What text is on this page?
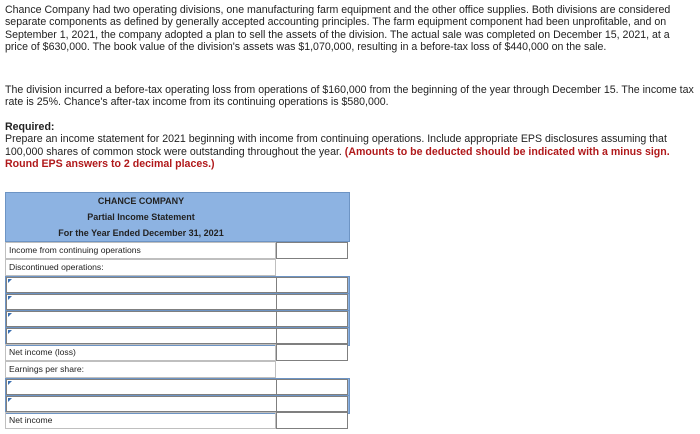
Chance Company had two operating divisions, one manufacturing farm equipment and the other office supplies. Both divisions are considered separate components as defined by generally accepted accounting principles. The farm equipment component had been unprofitable, and on September 1, 2021, the company adopted a plan to sell the assets of the division. The actual sale was completed on December 15, 2021, at a price of $630,000. The book value of the division's assets was $1,070,000, resulting in a before-tax loss of $440,000 on the sale.

The division incurred a before-tax operating loss from operations of $160,000 from the beginning of the year through December 15. The income tax rate is 25%. Chance's after-tax income from its continuing operations is $580,000.

Required:
Prepare an income statement for 2021 beginning with income from continuing operations. Include appropriate EPS disclosures assuming that 100,000 shares of common stock were outstanding throughout the year. (Amounts to be deducted should be indicated with a minus sign. Round EPS answers to 2 decimal places.)
CHANCE COMPANY
Partial Income Statement
For the Year Ended December 31, 2021
Income from continuing operations
Discontinued operations:
Net income (loss)
Earnings per share:
Net income
